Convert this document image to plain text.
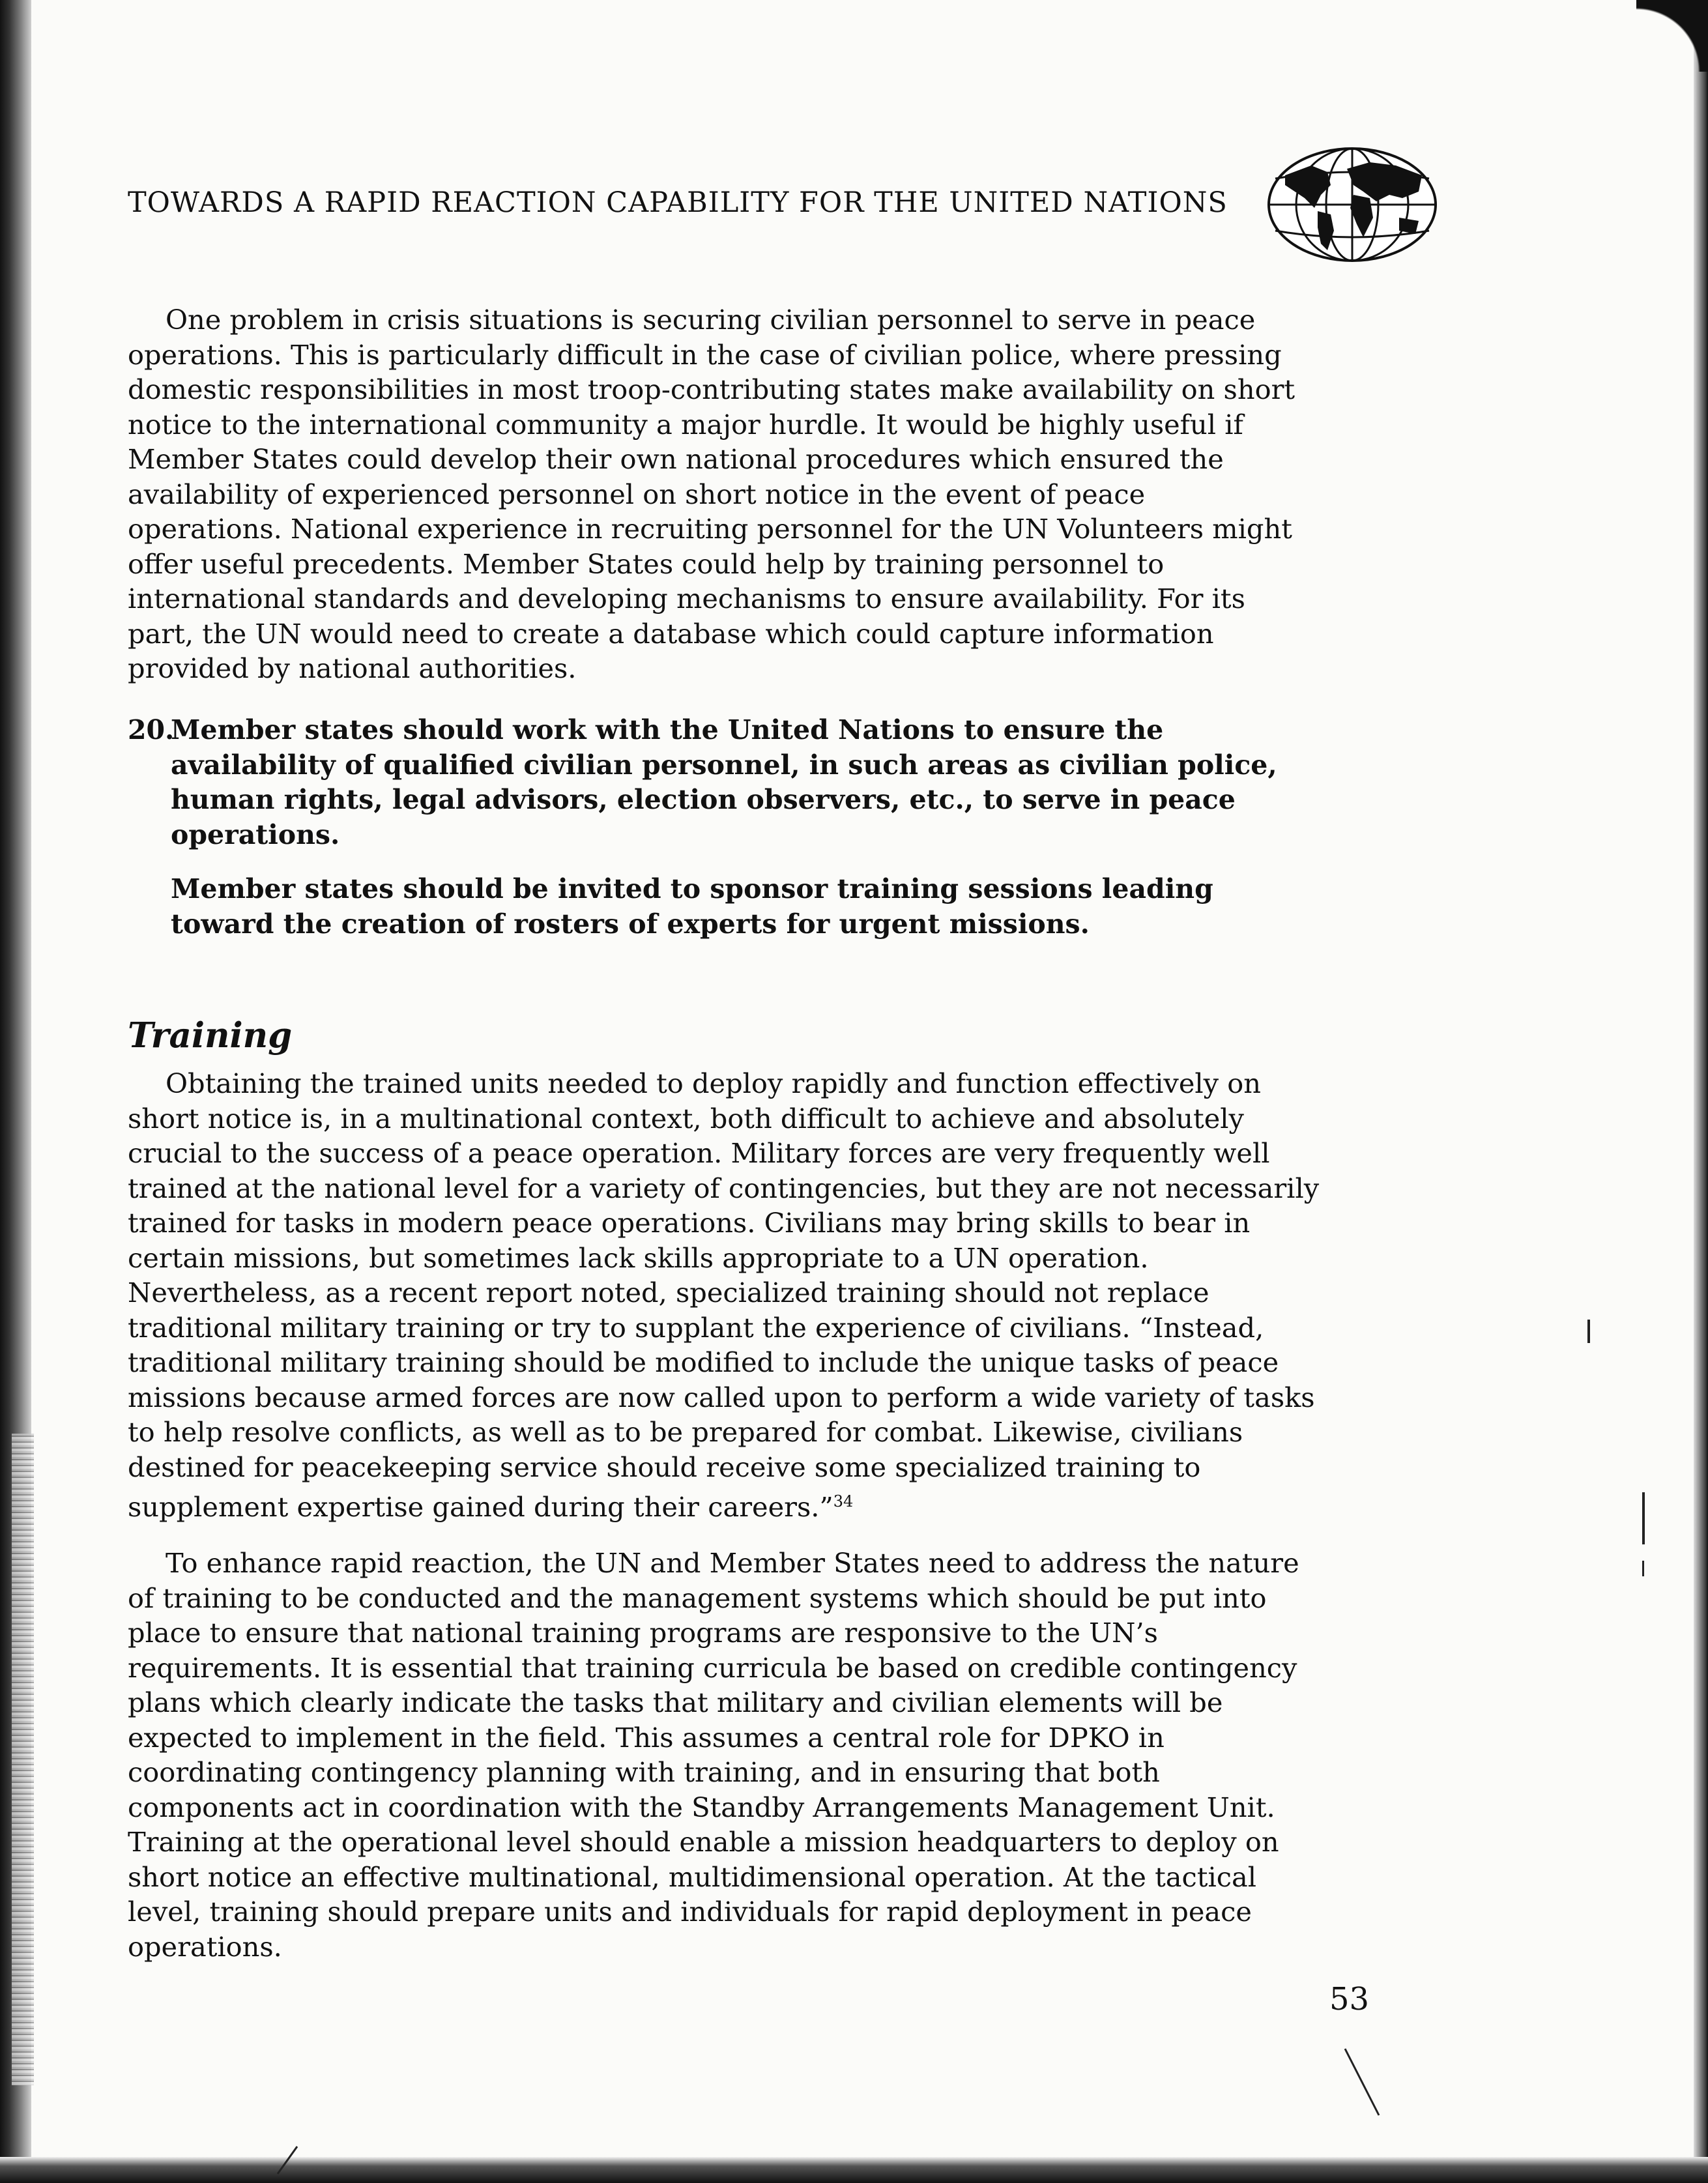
TOWARDS A RAPID REACTION CAPABILITY FOR THE UNITED NATIONS

One problem in crisis situations is securing civilian personnel to serve in peace

operations. This is particularly difficult in the case of civilian police, where pressing

domestic responsibilities in most troop-contributing states make availability on short

notice to the international community a major hurdle. It would be highly useful if

Member States could develop their own national procedures which ensured the

availability of experienced personnel on short notice in the event of peace

operations. National experience in recruiting personnel for the UN Volunteers might

offer useful precedents. Member States could help by training personnel to

international standards and developing mechanisms to ensure availability. For its

part, the UN would need to create a database which could capture information

provided by national authorities.

20.
Member states should work with the United Nations to ensure the
availability of qualified civilian personnel, in such areas as civilian police,
human rights, legal advisors, election observers, etc., to serve in peace
operations.
Member states should be invited to sponsor training sessions leading
toward the creation of rosters of experts for urgent missions.
Training

Obtaining the trained units needed to deploy rapidly and function effectively on

short notice is, in a multinational context, both difficult to achieve and absolutely

crucial to the success of a peace operation. Military forces are very frequently well

trained at the national level for a variety of contingencies, but they are not necessarily

trained for tasks in modern peace operations. Civilians may bring skills to bear in

certain missions, but sometimes lack skills appropriate to a UN operation.

Nevertheless, as a recent report noted, specialized training should not replace

traditional military training or try to supplant the experience of civilians. “Instead,

traditional military training should be modified to include the unique tasks of peace

missions because armed forces are now called upon to perform a wide variety of tasks

to help resolve conflicts, as well as to be prepared for combat. Likewise, civilians

destined for peacekeeping service should receive some specialized training to

supplement expertise gained during their careers.”$^{34}$

To enhance rapid reaction, the UN and Member States need to address the nature

of training to be conducted and the management systems which should be put into

place to ensure that national training programs are responsive to the UN’s

requirements. It is essential that training curricula be based on credible contingency

plans which clearly indicate the tasks that military and civilian elements will be

expected to implement in the field. This assumes a central role for DPKO in

coordinating contingency planning with training, and in ensuring that both

components act in coordination with the Standby Arrangements Management Unit.

Training at the operational level should enable a mission headquarters to deploy on

short notice an effective multinational, multidimensional operation. At the tactical

level, training should prepare units and individuals for rapid deployment in peace

operations.

53
